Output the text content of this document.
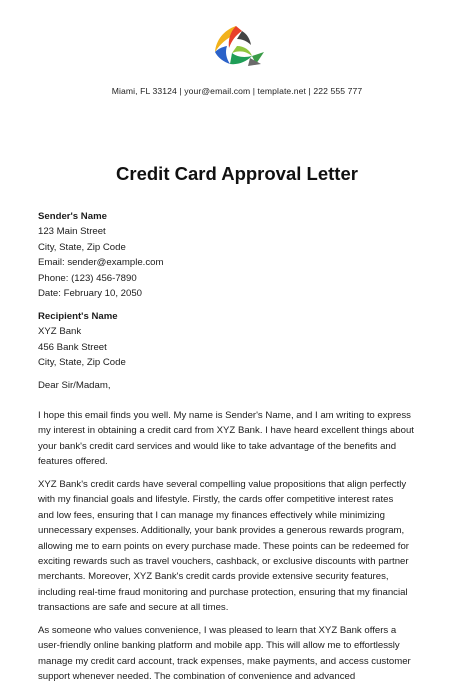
Miami, FL 33124 | your@email.com | template.net | 222 555 777
Credit Card Approval Letter
Sender's Name
123 Main Street
City, State, Zip Code
Email: sender@example.com
Phone: (123) 456-7890
Date: February 10, 2050
Recipient's Name
XYZ Bank
456 Bank Street
City, State, Zip Code
Dear Sir/Madam,
I hope this email finds you well. My name is Sender's Name, and I am writing to express
my interest in obtaining a credit card from XYZ Bank. I have heard excellent things about
your bank's credit card services and would like to take advantage of the benefits and
features offered.
XYZ Bank's credit cards have several compelling value propositions that align perfectly
with my financial goals and lifestyle. Firstly, the cards offer competitive interest rates
and low fees, ensuring that I can manage my finances effectively while minimizing
unnecessary expenses. Additionally, your bank provides a generous rewards program,
allowing me to earn points on every purchase made. These points can be redeemed for
exciting rewards such as travel vouchers, cashback, or exclusive discounts with partner
merchants. Moreover, XYZ Bank's credit cards provide extensive security features,
including real-time fraud monitoring and purchase protection, ensuring that my financial
transactions are safe and secure at all times.
As someone who values convenience, I was pleased to learn that XYZ Bank offers a
user-friendly online banking platform and mobile app. This will allow me to effortlessly
manage my credit card account, track expenses, make payments, and access customer
support whenever needed. The combination of convenience and advanced
